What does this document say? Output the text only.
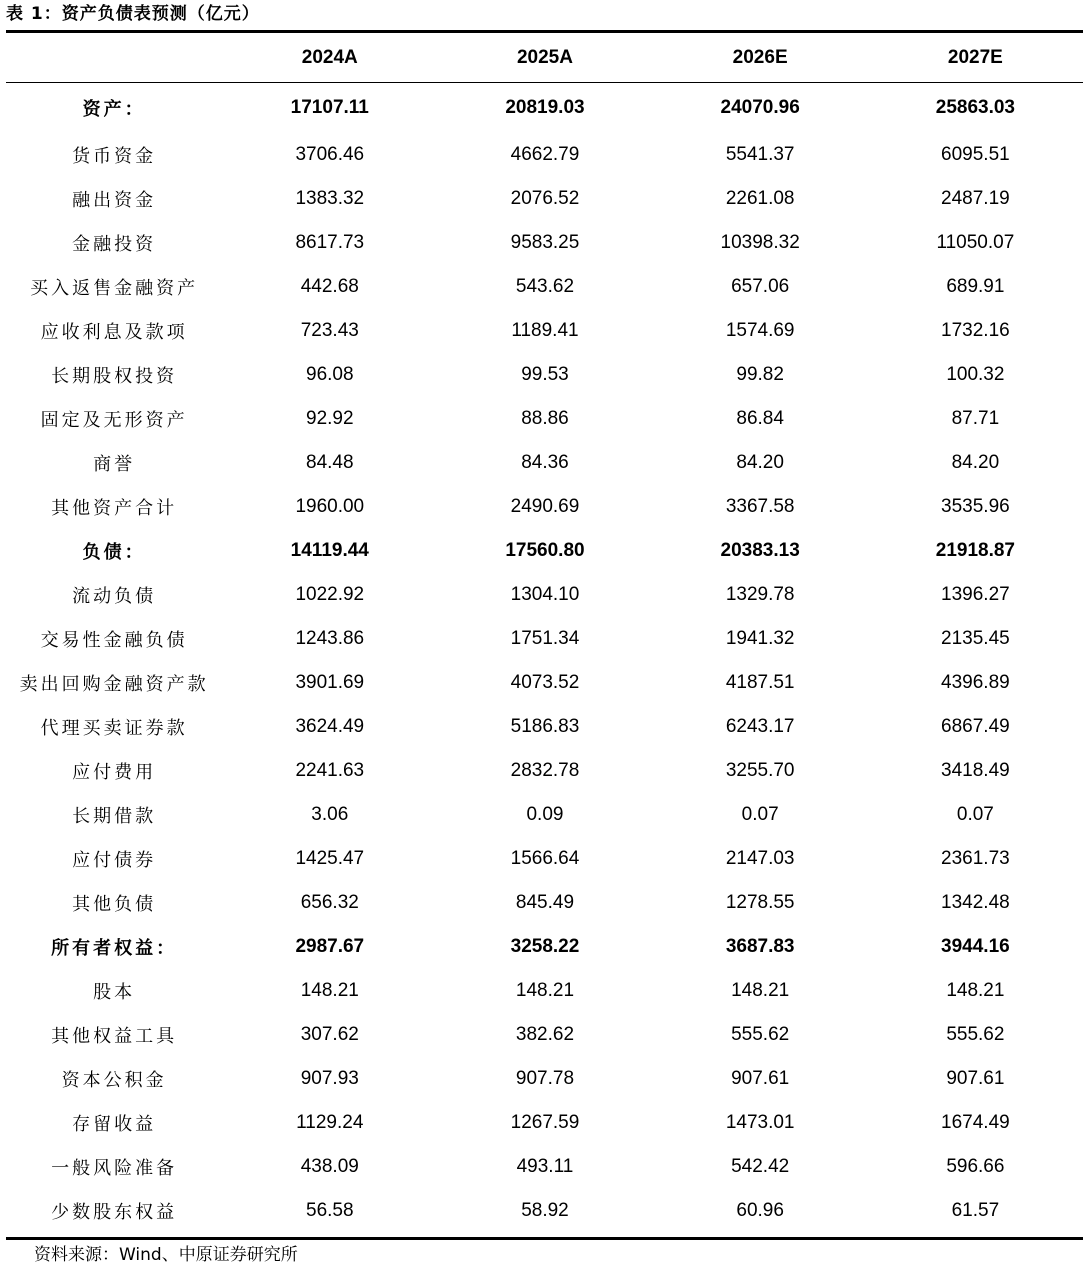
表 1：资产负债表预测（亿元）
	2024A	2025A	2026E	2027E
资产：	17107.11	20819.03	24070.96	25863.03
货币资金	3706.46	4662.79	5541.37	6095.51
融出资金	1383.32	2076.52	2261.08	2487.19
金融投资	8617.73	9583.25	10398.32	11050.07
买入返售金融资产	442.68	543.62	657.06	689.91
应收利息及款项	723.43	1189.41	1574.69	1732.16
长期股权投资	96.08	99.53	99.82	100.32
固定及无形资产	92.92	88.86	86.84	87.71
商誉	84.48	84.36	84.20	84.20
其他资产合计	1960.00	2490.69	3367.58	3535.96
负债：	14119.44	17560.80	20383.13	21918.87
流动负债	1022.92	1304.10	1329.78	1396.27
交易性金融负债	1243.86	1751.34	1941.32	2135.45
卖出回购金融资产款	3901.69	4073.52	4187.51	4396.89
代理买卖证券款	3624.49	5186.83	6243.17	6867.49
应付费用	2241.63	2832.78	3255.70	3418.49
长期借款	3.06	0.09	0.07	0.07
应付债券	1425.47	1566.64	2147.03	2361.73
其他负债	656.32	845.49	1278.55	1342.48
所有者权益：	2987.67	3258.22	3687.83	3944.16
股本	148.21	148.21	148.21	148.21
其他权益工具	307.62	382.62	555.62	555.62
资本公积金	907.93	907.78	907.61	907.61
存留收益	1129.24	1267.59	1473.01	1674.49
一般风险准备	438.09	493.11	542.42	596.66
少数股东权益	56.58	58.92	60.96	61.57
资料来源：Wind、中原证券研究所
